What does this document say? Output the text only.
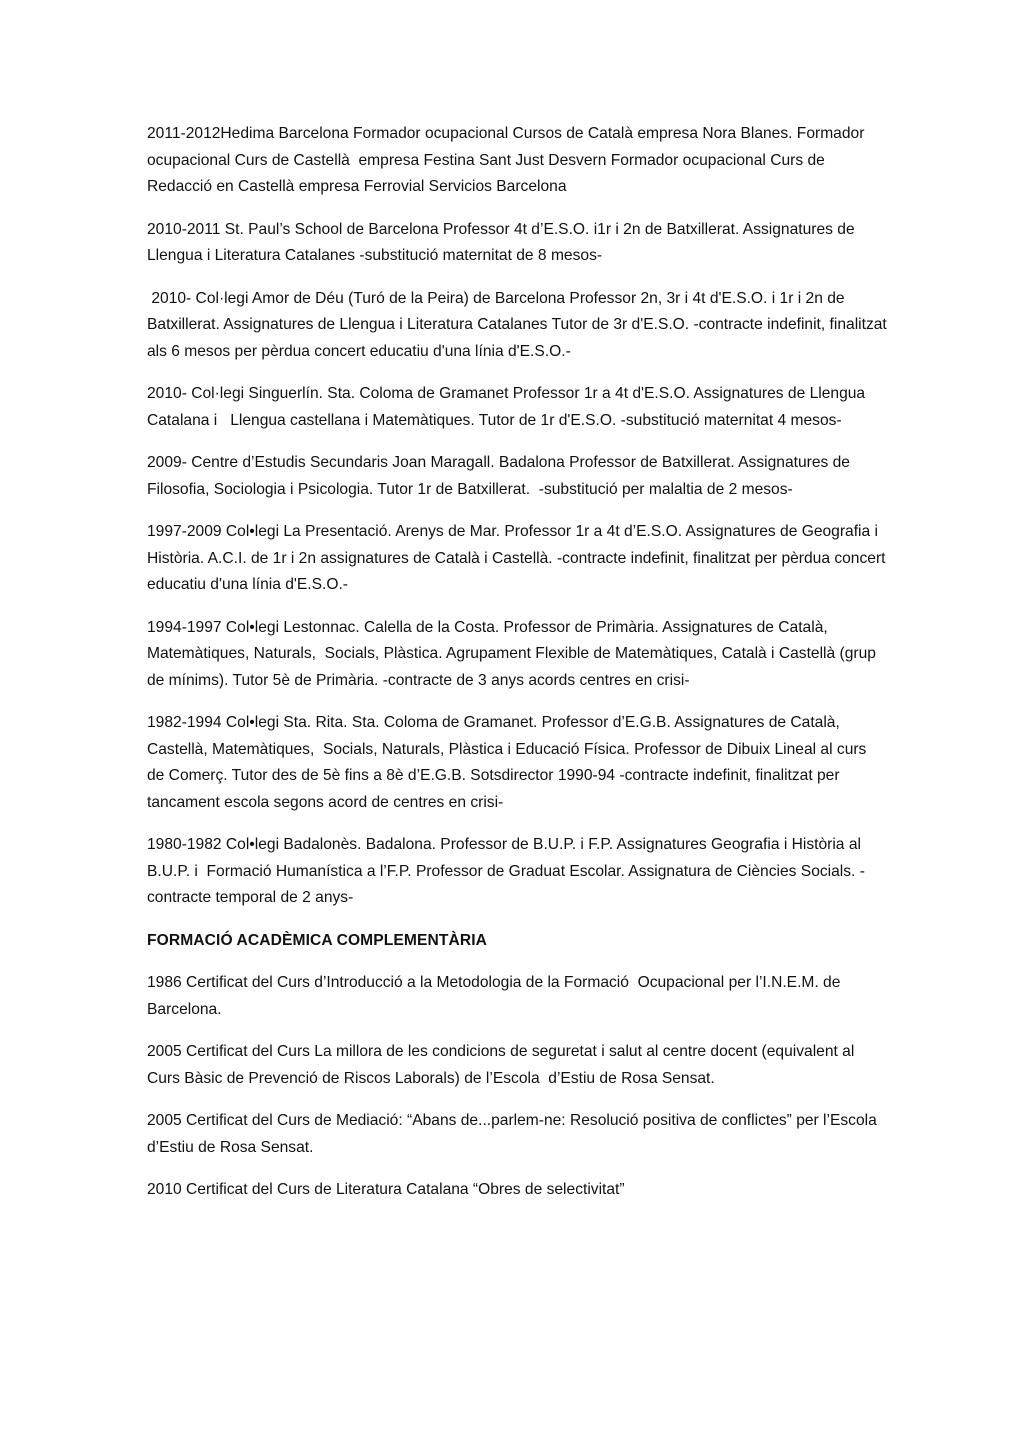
2011-2012Hedima Barcelona Formador ocupacional Cursos de Català empresa Nora Blanes. Formador ocupacional Curs de Castellà  empresa Festina Sant Just Desvern Formador ocupacional Curs de Redacció en Castellà empresa Ferrovial Servicios Barcelona

2010-2011 St. Paul’s School de Barcelona Professor 4t d’E.S.O. i1r i 2n de Batxillerat. Assignatures de Llengua i Literatura Catalanes -substitució maternitat de 8 mesos-

2010- Col·legi Amor de Déu (Turó de la Peira) de Barcelona Professor 2n, 3r i 4t d'E.S.O. i 1r i 2n de Batxillerat. Assignatures de Llengua i Literatura Catalanes Tutor de 3r d'E.S.O. -contracte indefinit, finalitzat als 6 mesos per pèrdua concert educatiu d'una línia d'E.S.O.-

2010- Col·legi Singuerlín. Sta. Coloma de Gramanet Professor 1r a 4t d'E.S.O. Assignatures de Llengua Catalana i   Llengua castellana i Matemàtiques. Tutor de 1r d'E.S.O. -substitució maternitat 4 mesos-

2009- Centre d’Estudis Secundaris Joan Maragall. Badalona Professor de Batxillerat. Assignatures de Filosofia, Sociologia i Psicologia. Tutor 1r de Batxillerat.  -substitució per malaltia de 2 mesos-

1997-2009 Col•legi La Presentació. Arenys de Mar. Professor 1r a 4t d’E.S.O. Assignatures de Geografia i Història. A.C.I. de 1r i 2n assignatures de Català i Castellà. -contracte indefinit, finalitzat per pèrdua concert educatiu d'una línia d'E.S.O.-

1994-1997 Col•legi Lestonnac. Calella de la Costa. Professor de Primària. Assignatures de Català, Matemàtiques, Naturals,  Socials, Plàstica. Agrupament Flexible de Matemàtiques, Català i Castellà (grup de mínims). Tutor 5è de Primària. -contracte de 3 anys acords centres en crisi-

1982-1994 Col•legi Sta. Rita. Sta. Coloma de Gramanet. Professor d’E.G.B. Assignatures de Català, Castellà, Matemàtiques,  Socials, Naturals, Plàstica i Educació Física. Professor de Dibuix Lineal al curs de Comerç. Tutor des de 5è fins a 8è d’E.G.B. Sotsdirector 1990-94 -contracte indefinit, finalitzat per tancament escola segons acord de centres en crisi-

1980-1982 Col•legi Badalonès. Badalona. Professor de B.U.P. i F.P. Assignatures Geografia i Història al B.U.P. i  Formació Humanística a l’F.P. Professor de Graduat Escolar. Assignatura de Ciències Socials. -contracte temporal de 2 anys-

FORMACIÓ ACADÈMICA COMPLEMENTÀRIA

1986 Certificat del Curs d’Introducció a la Metodologia de la Formació  Ocupacional per l’I.N.E.M. de Barcelona.

2005 Certificat del Curs La millora de les condicions de seguretat i salut al centre docent (equivalent al Curs Bàsic de Prevenció de Riscos Laborals) de l’Escola  d’Estiu de Rosa Sensat.

2005 Certificat del Curs de Mediació: “Abans de...parlem-ne: Resolució positiva de conflictes” per l’Escola d’Estiu de Rosa Sensat.

2010 Certificat del Curs de Literatura Catalana “Obres de selectivitat”
